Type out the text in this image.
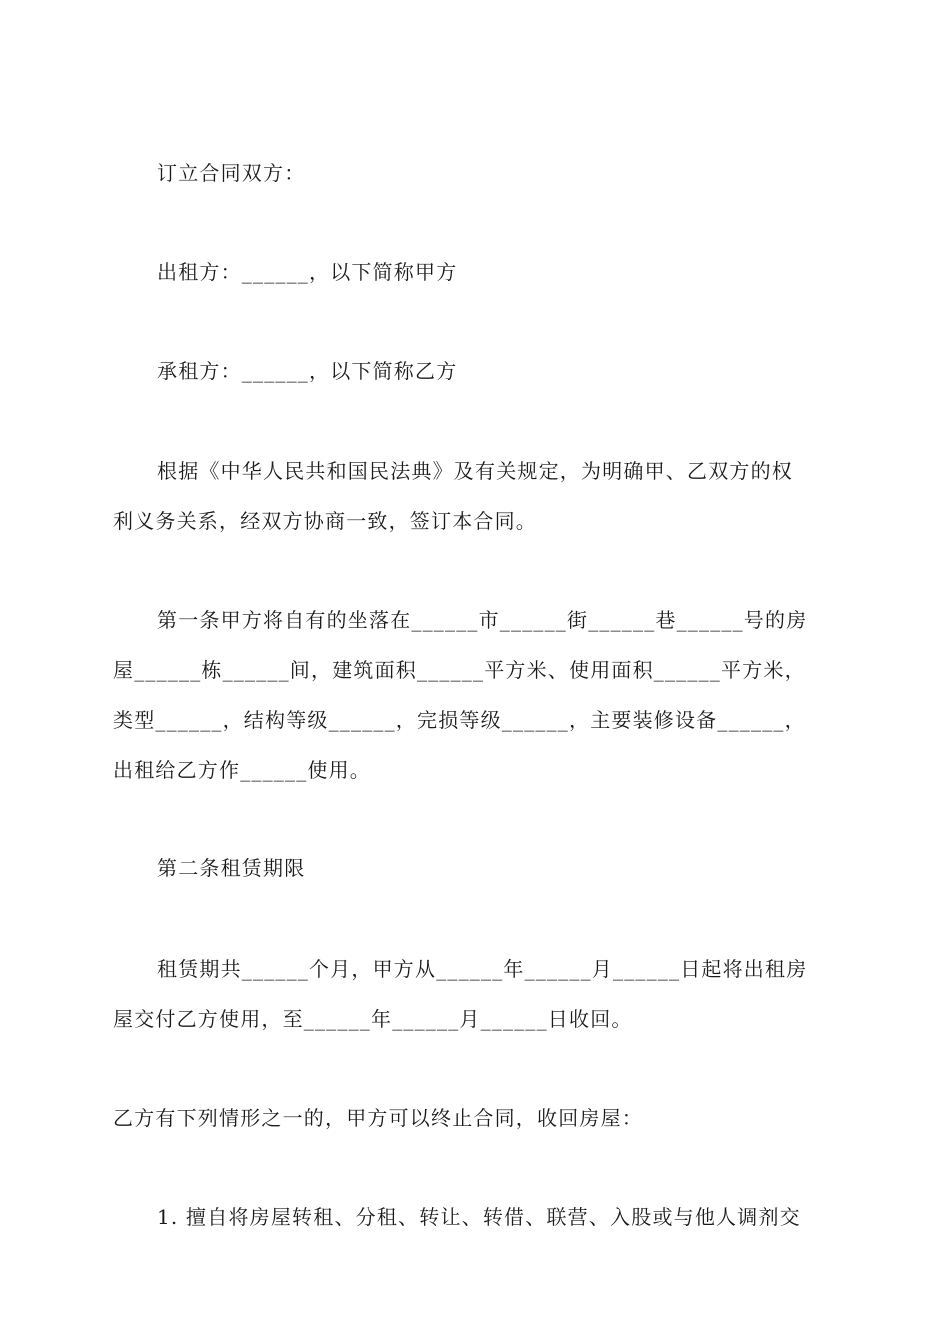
订立合同双方：
出租方：______，以下简称甲方
承租方：______，以下简称乙方
根据《中华人民共和国民法典》及有关规定，为明确甲、乙双方的权
利义务关系，经双方协商一致，签订本合同。
第一条甲方将自有的坐落在______市______街______巷______号的房
屋______栋______间，建筑面积______平方米、使用面积______平方米，
类型______，结构等级______，完损等级______，主要装修设备______，
出租给乙方作______使用。
第二条租赁期限
租赁期共______个月，甲方从______年______月______日起将出租房
屋交付乙方使用，至______年______月______日收回。
乙方有下列情形之一的，甲方可以终止合同，收回房屋：
1. 擅自将房屋转租、分租、转让、转借、联营、入股或与他人调剂交
